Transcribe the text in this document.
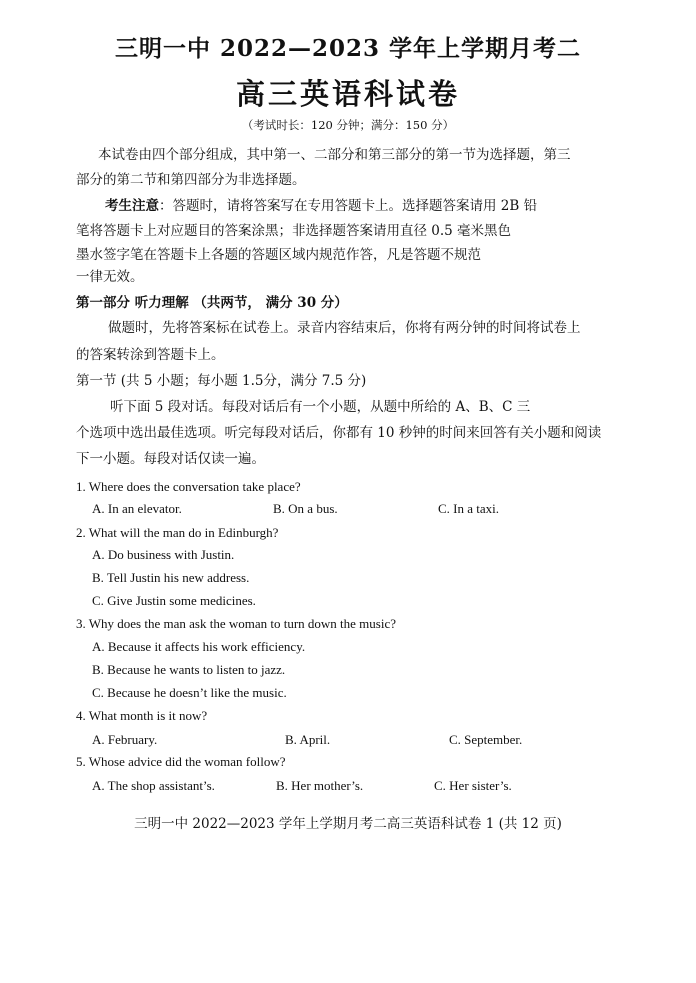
三明一中 2022—2023 学年上学期月考二
高三英语科试卷
（考试时长：120 分钟；满分：150 分）
本试卷由四个部分组成，其中第一、二部分和第三部分的第一节为选择题，第三
部分的第二节和第四部分为非选择题。
考生注意：答题时，请将答案写在专用答题卡上。选择题答案请用 2B 铅
笔将答题卡上对应题目的答案涂黑；非选择题答案请用直径 0.5 毫米黑色
墨水签字笔在答题卡上各题的答题区域内规范作答，凡是答题不规范
一律无效。
第一部分 听力理解 （共两节， 满分 30 分）
做题时，先将答案标在试卷上。录音内容结束后，你将有两分钟的时间将试卷上
的答案转涂到答题卡上。
第一节 (共 5 小题；每小题 1.5分，满分 7.5 分)
听下面 5 段对话。每段对话后有一个小题，从题中所给的 A、B、C 三
个选项中选出最佳选项。听完每段对话后，你都有 10 秒钟的时间来回答有关小题和阅读
下一小题。每段对话仅读一遍。
1. Where does the conversation take place?
A. In an elevator.	B. On a bus.	C. In a taxi.
2. What will the man do in Edinburgh?
A. Do business with Justin.
B. Tell Justin his new address.
C. Give Justin some medicines.
3. Why does the man ask the woman to turn down the music?
A. Because it affects his work efficiency.
B. Because he wants to listen to jazz.
C. Because he doesn’t like the music.
4. What month is it now?
A. February.	B. April.	C. September.
5. Whose advice did the woman follow?
A. The shop assistant’s.	B. Her mother’s.	C. Her sister’s.
三明一中 2022—2023 学年上学期月考二高三英语科试卷 1 (共 12 页)
